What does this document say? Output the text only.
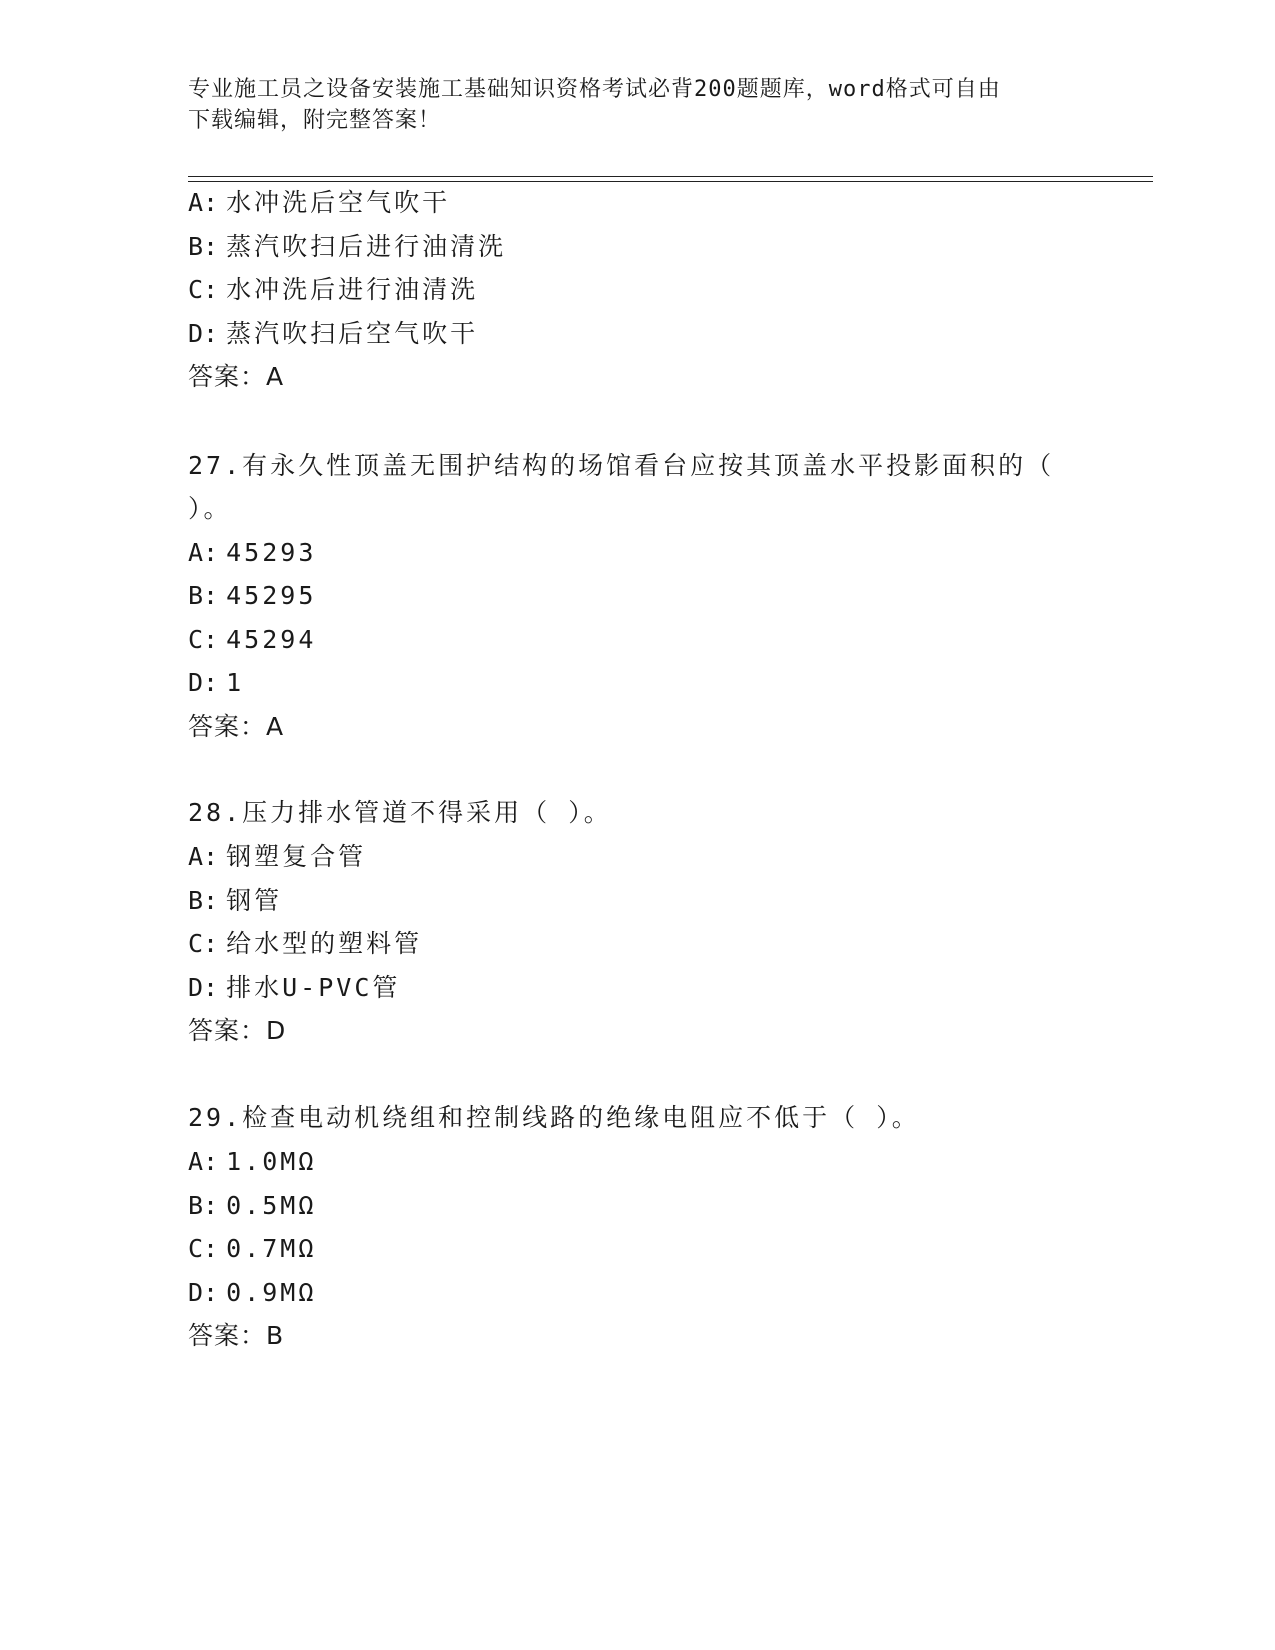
专业施工员之设备安装施工基础知识资格考试必背200题题库，word格式可自由
下载编辑，附完整答案！
A: 水冲洗后空气吹干
B: 蒸汽吹扫后进行油清洗
C: 水冲洗后进行油清洗
D: 蒸汽吹扫后空气吹干
答案：A
27.有永久性顶盖无围护结构的场馆看台应按其顶盖水平投影面积的（
）。
A: 45293
B: 45295
C: 45294
D: 1
答案：A
28.压力排水管道不得采用（ ）。
A: 钢塑复合管
B: 钢管
C: 给水型的塑料管
D: 排水U-PVC管
答案：D
29.检查电动机绕组和控制线路的绝缘电阻应不低于（ ）。
A: 1.0MΩ
B: 0.5MΩ
C: 0.7MΩ
D: 0.9MΩ
答案：B
